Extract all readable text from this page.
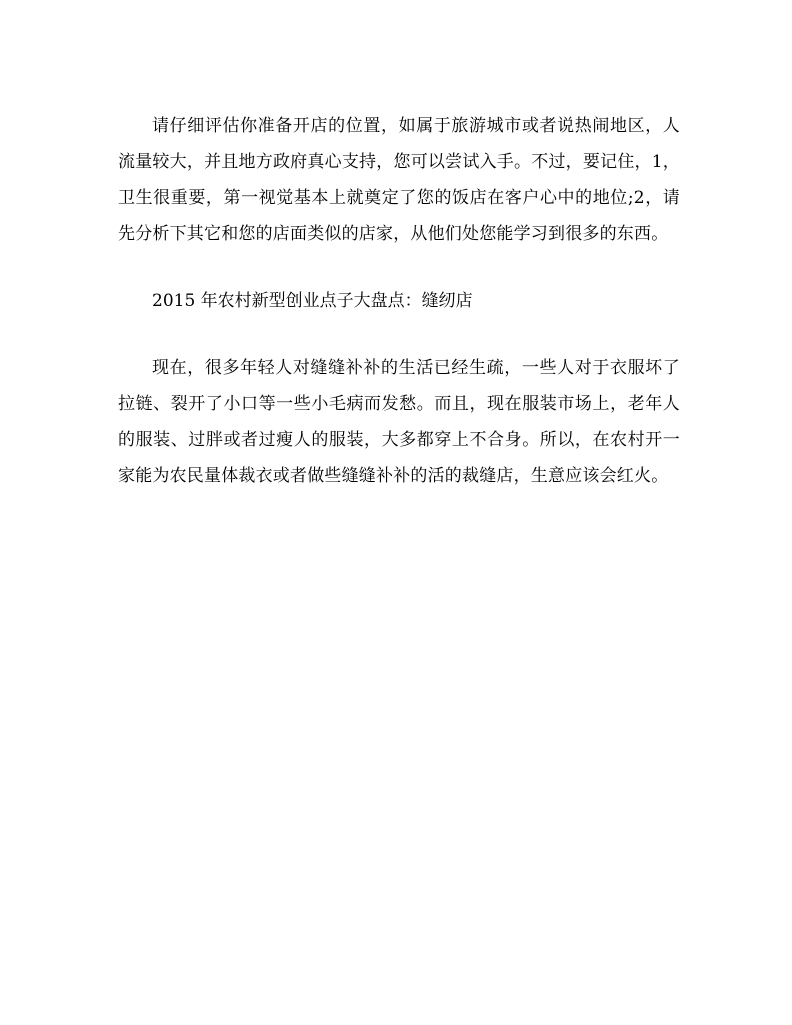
请仔细评估你准备开店的位置，如属于旅游城市或者说热闹地区，人流量较大，并且地方政府真心支持，您可以尝试入手。不过，要记住，1，卫生很重要，第一视觉基本上就奠定了您的饭店在客户心中的地位;2，请先分析下其它和您的店面类似的店家，从他们处您能学习到很多的东西。

2015 年农村新型创业点子大盘点：缝纫店

现在，很多年轻人对缝缝补补的生活已经生疏，一些人对于衣服坏了拉链、裂开了小口等一些小毛病而发愁。而且，现在服装市场上，老年人的服装、过胖或者过瘦人的服装，大多都穿上不合身。所以，在农村开一家能为农民量体裁衣或者做些缝缝补补的活的裁缝店，生意应该会红火。
